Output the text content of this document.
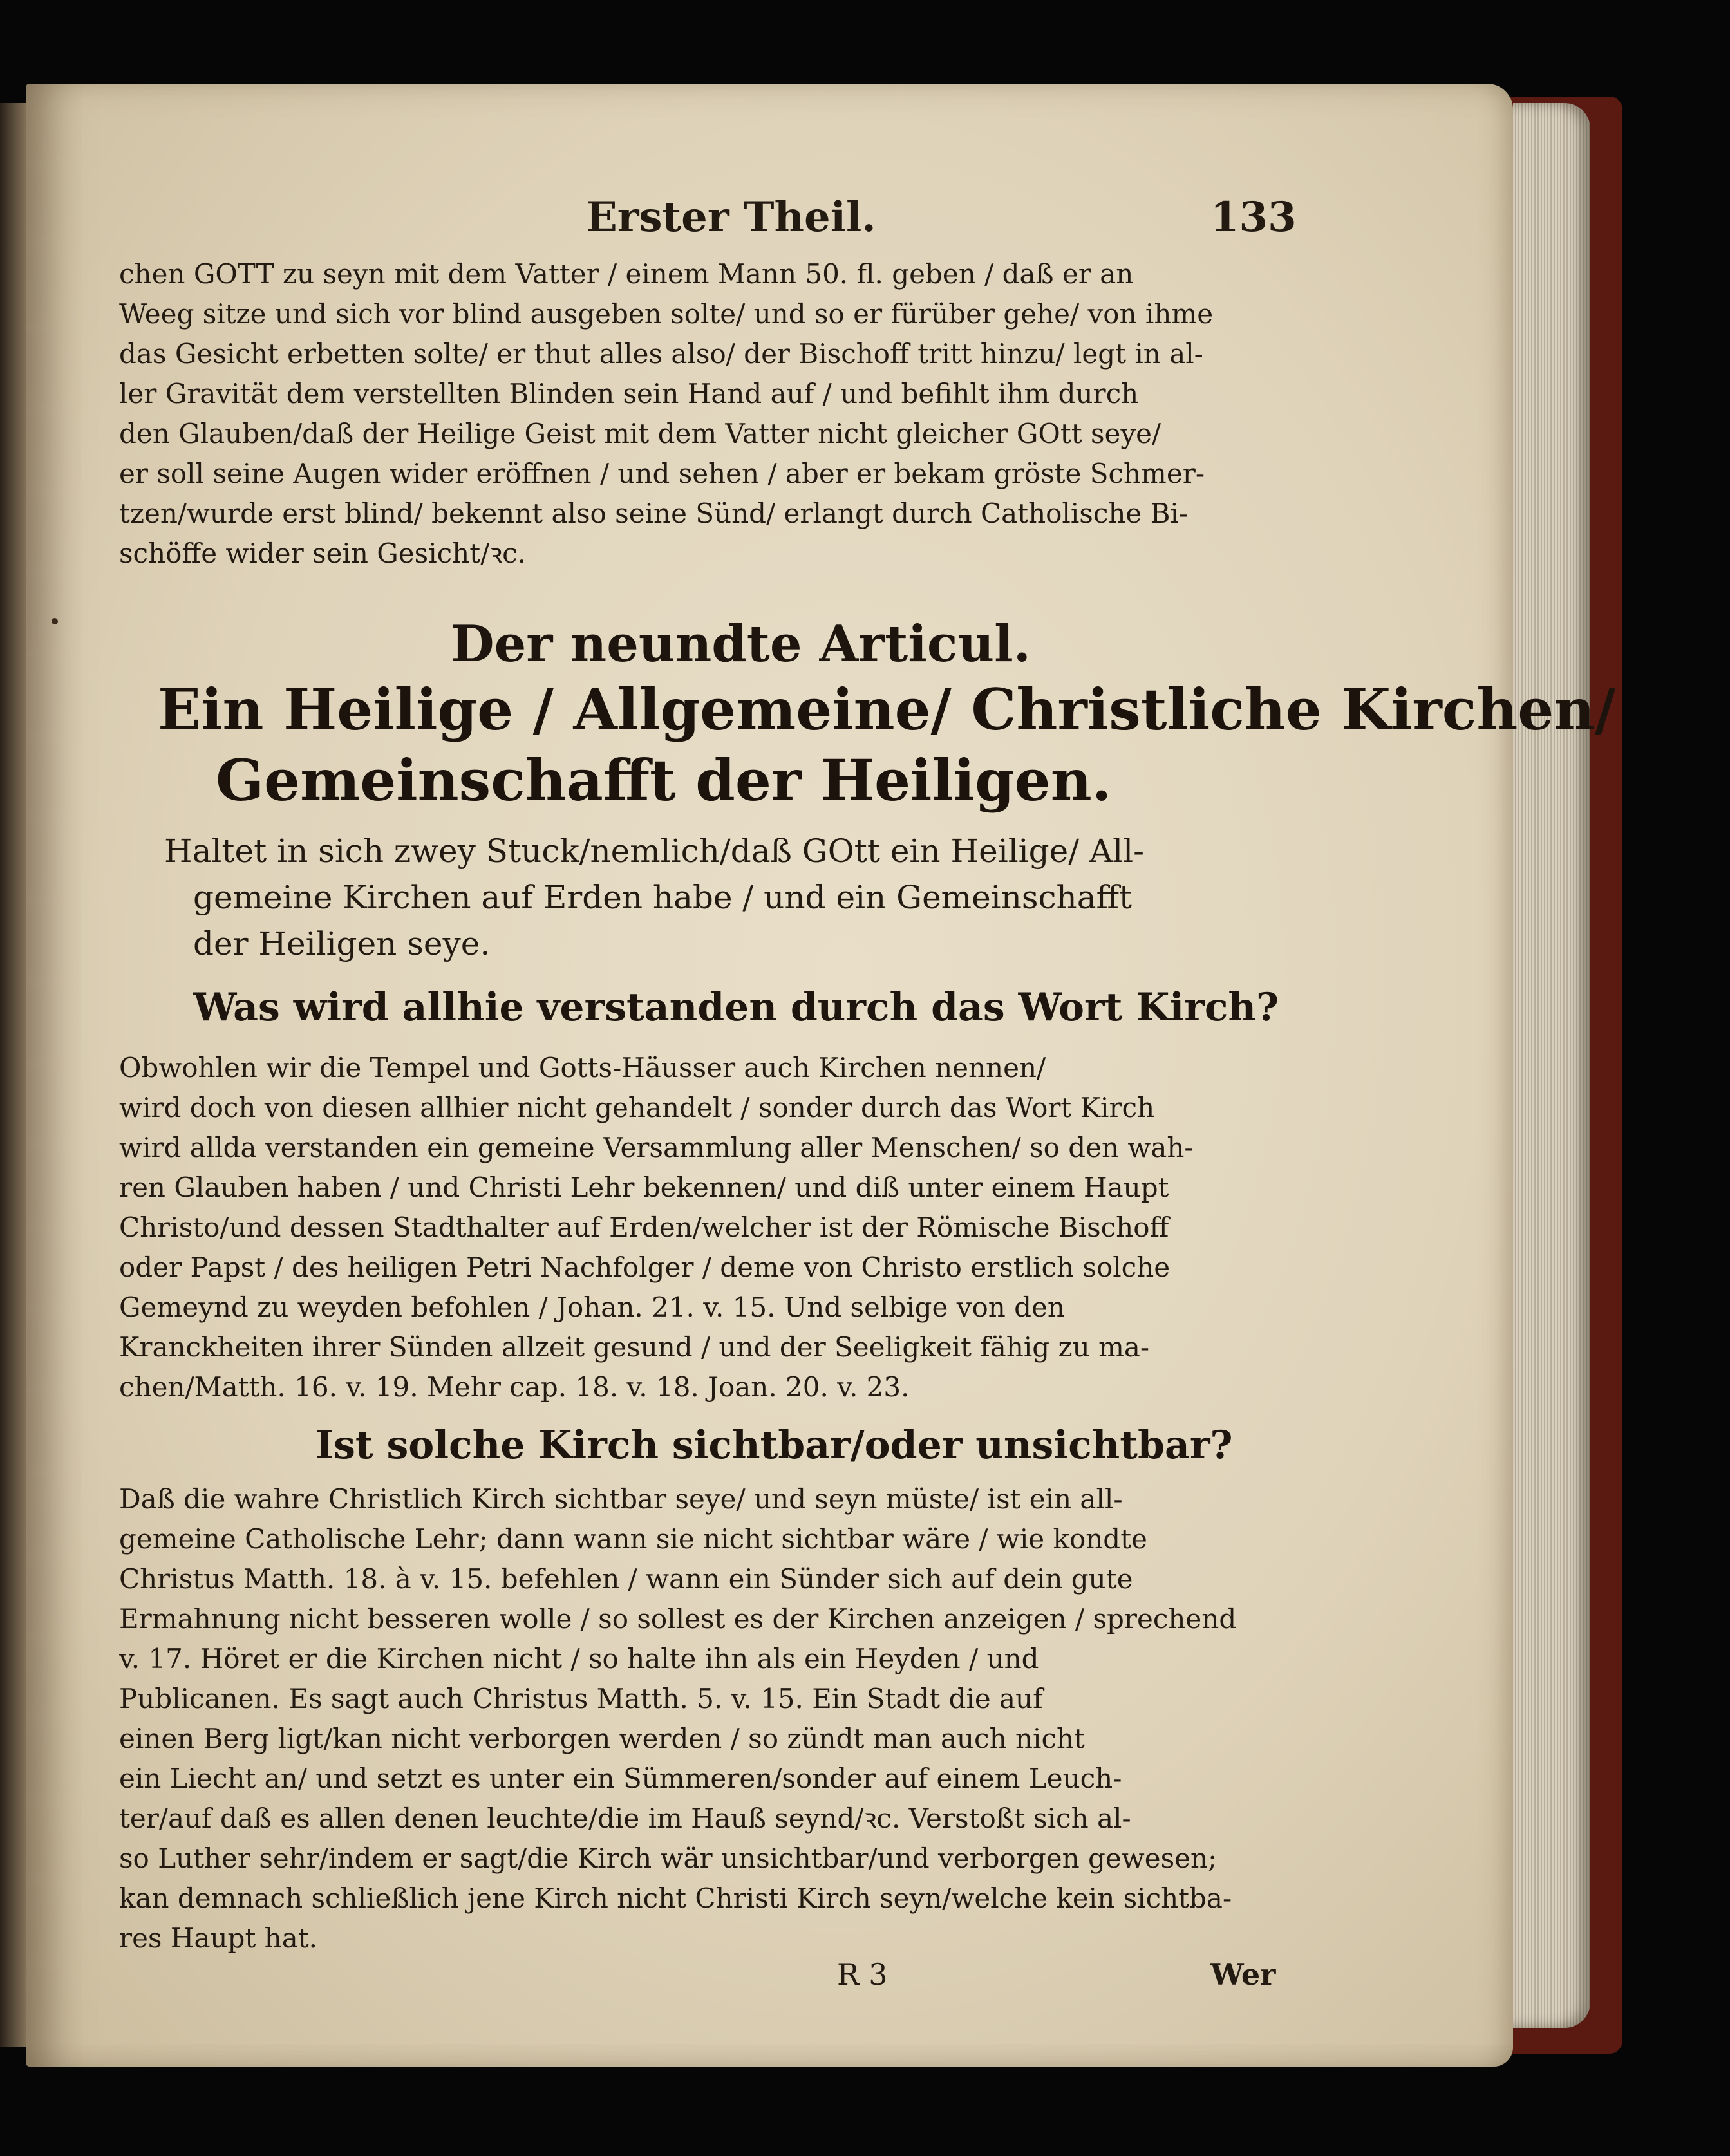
Erster Theil.	133
chen GOTT zu seyn mit dem Vatter / einem Mann 50. fl. geben / daß er an
Weeg sitze und sich vor blind ausgeben solte/ und so er fürüber gehe/ von ihme
das Gesicht erbetten solte/ er thut alles also/ der Bischoff tritt hinzu/ legt in al-
ler Gravität dem verstellten Blinden sein Hand auf / und befihlt ihm durch
den Glauben/daß der Heilige Geist mit dem Vatter nicht gleicher GOtt seye/
er soll seine Augen wider eröffnen / und sehen / aber er bekam gröste Schmer-
tzen/wurde erst blind/ bekennt also seine Sünd/ erlangt durch Catholische Bi-
schöffe wider sein Gesicht/ꝛc.
Der neundte Articul.
Ein Heilige / Allgemeine/ Christliche Kirchen/
Gemeinschafft der Heiligen.
Haltet in sich zwey Stuck/nemlich/daß GOtt ein Heilige/ All-
gemeine Kirchen auf Erden habe / und ein Gemeinschafft
der Heiligen seye.
Was wird allhie verstanden durch das Wort Kirch?
Obwohlen wir die Tempel und Gotts-Häusser auch Kirchen nennen/
wird doch von diesen allhier nicht gehandelt / sonder durch das Wort Kirch
wird allda verstanden ein gemeine Versammlung aller Menschen/ so den wah-
ren Glauben haben / und Christi Lehr bekennen/ und diß unter einem Haupt
Christo/und dessen Stadthalter auf Erden/welcher ist der Römische Bischoff
oder Papst / des heiligen Petri Nachfolger / deme von Christo erstlich solche
Gemeynd zu weyden befohlen / Johan. 21. v. 15. Und selbige von den
Kranckheiten ihrer Sünden allzeit gesund / und der Seeligkeit fähig zu ma-
chen/Matth. 16. v. 19. Mehr cap. 18. v. 18. Joan. 20. v. 23.
Ist solche Kirch sichtbar/oder unsichtbar?
Daß die wahre Christlich Kirch sichtbar seye/ und seyn müste/ ist ein all-
gemeine Catholische Lehr; dann wann sie nicht sichtbar wäre / wie kondte
Christus Matth. 18. à v. 15. befehlen / wann ein Sünder sich auf dein gute
Ermahnung nicht besseren wolle / so sollest es der Kirchen anzeigen / sprechend
v. 17. Höret er die Kirchen nicht / so halte ihn als ein Heyden / und
Publicanen. Es sagt auch Christus Matth. 5. v. 15. Ein Stadt die auf
einen Berg ligt/kan nicht verborgen werden / so zündt man auch nicht
ein Liecht an/ und setzt es unter ein Sümmeren/sonder auf einem Leuch-
ter/auf daß es allen denen leuchte/die im Hauß seynd/ꝛc. Verstoßt sich al-
so Luther sehr/indem er sagt/die Kirch wär unsichtbar/und verborgen gewesen;
kan demnach schließlich jene Kirch nicht Christi Kirch seyn/welche kein sichtba-
res Haupt hat.
R 3	Wer
